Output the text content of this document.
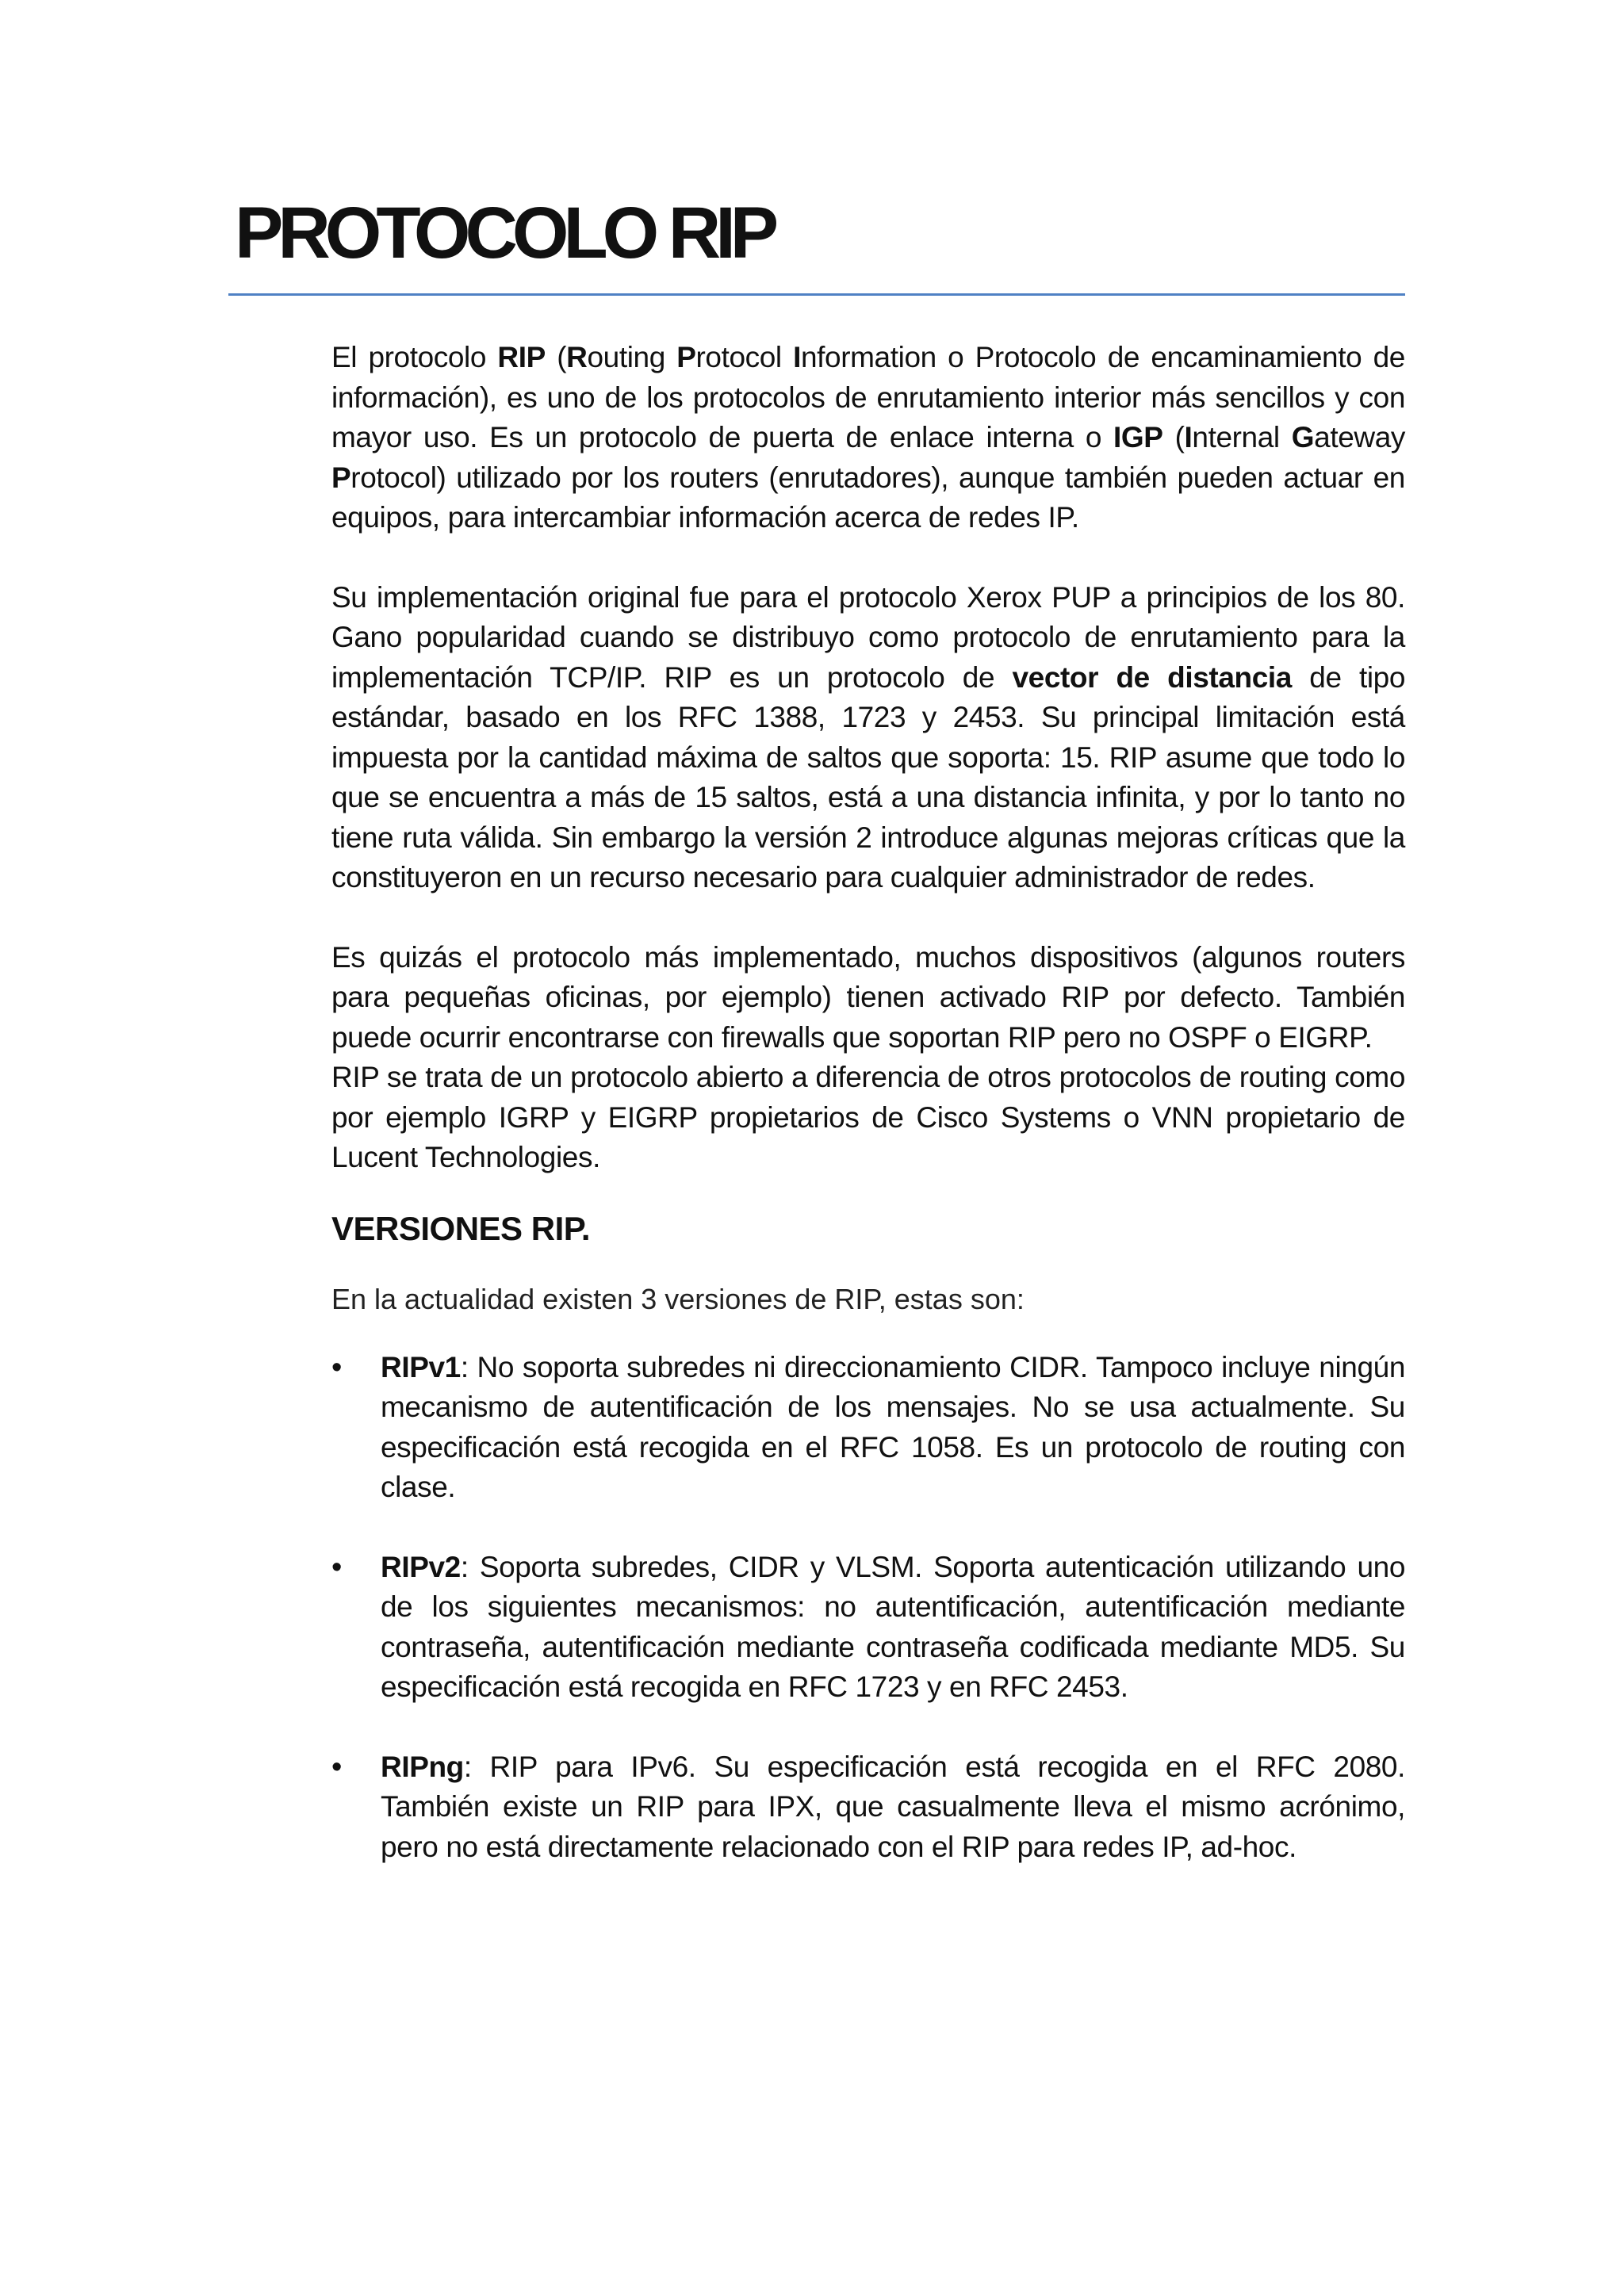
PROTOCOLO RIP

El protocolo RIP (Routing Protocol Information o Protocolo de encaminamiento de información), es uno de los protocolos de enrutamiento interior más sencillos y con mayor uso. Es un protocolo de puerta de enlace interna o IGP (Internal Gateway Protocol) utilizado por los routers (enrutadores), aunque también pueden actuar en equipos, para intercambiar información acerca de redes IP.

Su implementación original fue para el protocolo Xerox PUP a principios de los 80. Gano popularidad cuando se distribuyo como protocolo de enrutamiento para la implementación TCP/IP. RIP es un protocolo de vector de distancia de tipo estándar, basado en los RFC 1388, 1723 y 2453. Su principal limitación está impuesta por la cantidad máxima de saltos que soporta: 15. RIP asume que todo lo que se encuentra a más de 15 saltos, está a una distancia infinita, y por lo tanto no tiene ruta válida. Sin embargo la versión 2 introduce algunas mejoras críticas que la constituyeron en un recurso necesario para cualquier administrador de redes.

Es quizás el protocolo más implementado, muchos dispositivos (algunos routers para pequeñas oficinas, por ejemplo) tienen activado RIP por defecto. También puede ocurrir encontrarse con firewalls que soportan RIP pero no OSPF o EIGRP.

RIP se trata de un protocolo abierto a diferencia de otros protocolos de routing como por ejemplo IGRP y EIGRP propietarios de Cisco Systems o VNN propietario de Lucent Technologies.

VERSIONES RIP.

En la actualidad existen 3 versiones de RIP, estas son:

•	RIPv1: No soporta subredes ni direccionamiento CIDR. Tampoco incluye ningún mecanismo de autentificación de los mensajes. No se usa actualmente. Su especificación está recogida en el RFC 1058. Es un protocolo de routing con clase.

•	RIPv2: Soporta subredes, CIDR y VLSM. Soporta autenticación utilizando uno de los siguientes mecanismos: no autentificación, autentificación mediante contraseña, autentificación mediante contraseña codificada mediante MD5. Su especificación está recogida en RFC 1723 y en RFC 2453.

•	RIPng: RIP para IPv6. Su especificación está recogida en el RFC 2080. También existe un RIP para IPX, que casualmente lleva el mismo acrónimo, pero no está directamente relacionado con el RIP para redes IP, ad-hoc.
